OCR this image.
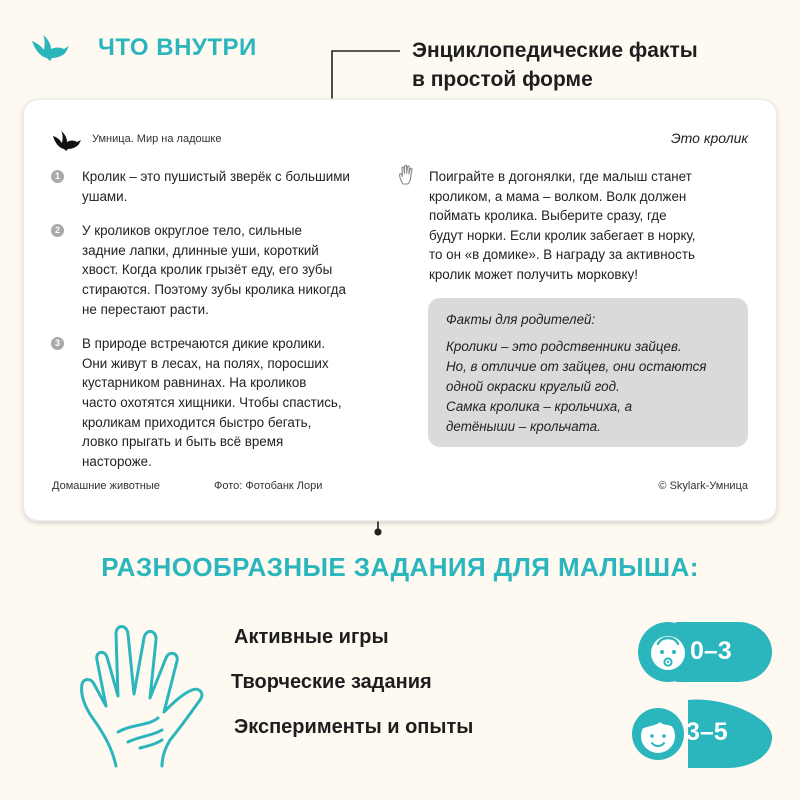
ЧТО ВНУТРИ	Энциклопедические факты
в простой форме
Умница. Мир на ладошке	Это кролик
1 Кролик – это пушистый зверёк с большими
ушами.
2 У кроликов округлое тело, сильные
задние лапки, длинные уши, короткий
хвост. Когда кролик грызёт еду, его зубы
стираются. Поэтому зубы кролика никогда
не перестают расти.
3 В природе встречаются дикие кролики.
Они живут в лесах, на полях, поросших
кустарником равнинах. На кроликов
часто охотятся хищники. Чтобы спастись,
кроликам приходится быстро бегать,
ловко прыгать и быть всё время
настороже.
Поиграйте в догонялки, где малыш станет
кроликом, а мама – волком. Волк должен
поймать кролика. Выберите сразу, где
будут норки. Если кролик забегает в норку,
то он «в домике». В награду за активность
кролик может получить морковку!
Факты для родителей:
Кролики – это родственники зайцев.
Но, в отличие от зайцев, они остаются
одной окраски круглый год.
Самка кролика – крольчиха, а
детёныши – крольчата.
Домашние животные	Фото: Фотобанк Лори	© Skylark-Умница
РАЗНООБРАЗНЫЕ ЗАДАНИЯ ДЛЯ МАЛЫША:
Активные игры
Творческие задания
Эксперименты и опыты
0–3
3–5
